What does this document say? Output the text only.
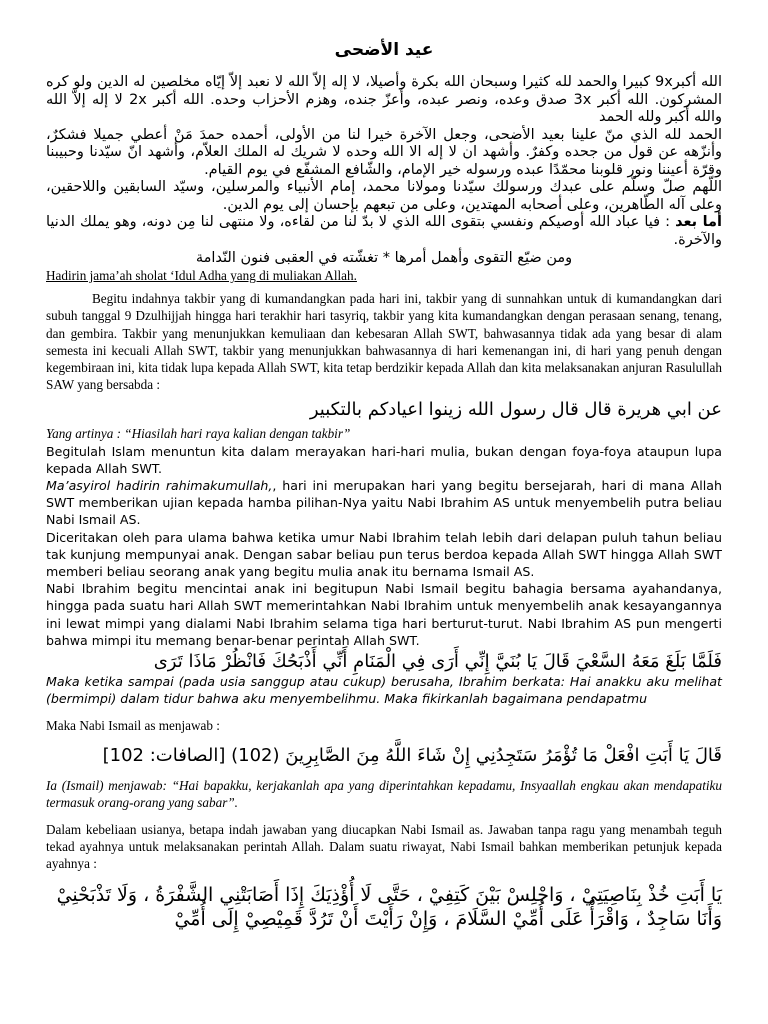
عيد الأضحى

الله أكبر9x كبيرا والحمد لله كثيرا وسبحان الله بكرة وأصيلا، لا إله إلاّ الله لا نعبد إلاّ إيّاه مخلصين له الدين ولو كره المشركون. الله أكبر 3x صدق وعده، ونصر عبده، وأعزّ جنده، وهزم الأحزاب وحده. الله أكبر 2x لا إله إلاّ الله والله أكبر ولله الحمد

الحمد لله الذي منّ علينا بعيد الأضحى، وجعل الآخرة خيرا لنا من الأولى، أحمده حمدَ مَنْ أعطي جميلا فشكرٌ، وأنزّهه عن قول من جحده وكفرٌ. وأشهد ان لا إله الا الله وحده لا شريك له الملك العلاّم، وأشهد انّ سيّدنا وحبيبنا وقرّة أعيننا ونور قلوبنا محمّدًا عبده ورسوله خير الإمام، والشّافع المشفّع في يوم القيام.

اللّهم صلّ وسلّم على عبدك ورسولك سيّدنا ومولانا محمد، إمام الأنبياء والمرسلين، وسيّد السابقين واللاحقين، وعلى آله الطّاهرين، وعلى أصحابه المهتدين، وعلى من تبعهم بإحسان إلى يوم الدين.

أما بعد : فيا عباد الله أوصيكم ونفسي بتقوى الله الذي لا بدّ لنا من لقاءه، ولا منتهى لنا مِن دونه، وهو يملك الدنيا والآخرة.

ومن ضيّع التقوى وأهمل أمرها * تغشّته في العقبى فنون النّدامة

Hadirin jama’ah sholat ‘Idul Adha yang di muliakan Allah.

Begitu indahnya takbir yang di kumandangkan pada hari ini, takbir yang di sunnahkan untuk di kumandangkan dari subuh tanggal 9 Dzulhijjah hingga hari terakhir hari tasyriq, takbir yang kita kumandangkan dengan perasaan senang, tenang, dan gembira. Takbir yang menunjukkan kemuliaan dan kebesaran Allah SWT, bahwasannya tidak ada yang besar di alam semesta ini kecuali Allah SWT, takbir yang menunjukkan bahwasannya di hari kemenangan ini, di hari yang penuh dengan kegembiraan ini, kita tidak lupa kepada Allah SWT, kita tetap berdzikir kepada Allah dan kita melaksanakan anjuran Rasulullah SAW yang bersabda :

عن ابي هريرة قال قال رسول الله زينوا اعيادكم بالتكبير

Yang artinya : “Hiasilah hari raya kalian dengan takbir”

Begitulah Islam menuntun kita dalam merayakan hari-hari mulia, bukan dengan foya-foya ataupun lupa kepada Allah SWT.

Ma’asyirol hadirin rahimakumullah,, hari ini merupakan hari yang begitu bersejarah, hari di mana Allah SWT memberikan ujian kepada hamba pilihan-Nya yaitu Nabi Ibrahim AS untuk menyembelih putra beliau Nabi Ismail AS.

Diceritakan oleh para ulama bahwa ketika umur Nabi Ibrahim telah lebih dari delapan puluh tahun beliau tak kunjung mempunyai anak. Dengan sabar beliau pun terus berdoa kepada Allah SWT hingga Allah SWT memberi beliau seorang anak yang begitu mulia anak itu bernama Ismail AS.

Nabi Ibrahim begitu mencintai anak ini begitupun Nabi Ismail begitu bahagia bersama ayahandanya, hingga pada suatu hari Allah SWT memerintahkan Nabi Ibrahim untuk menyembelih anak kesayangannya ini lewat mimpi yang dialami Nabi Ibrahim selama tiga hari berturut-turut. Nabi Ibrahim AS pun mengerti bahwa mimpi itu memang benar-benar perintah Allah SWT.

فَلَمَّا بَلَغَ مَعَهُ السَّعْيَ قَالَ يَا بُنَيَّ إِنِّي أَرَى فِي الْمَنَامِ أَنِّي أَذْبَحُكَ فَانْظُرْ مَاذَا تَرَى

Maka ketika sampai (pada usia sanggup atau cukup) berusaha, Ibrahim berkata: Hai anakku aku melihat (bermimpi) dalam tidur bahwa aku menyembelihmu. Maka fikirkanlah bagaimana pendapatmu

Maka Nabi Ismail as menjawab :

قَالَ يَا أَبَتِ افْعَلْ مَا تُؤْمَرُ سَتَجِدُنِي إِنْ شَاءَ اللَّهُ مِنَ الصَّابِرِينَ (102) [الصافات: 102]

Ia (Ismail) menjawab: “Hai bapakku, kerjakanlah apa yang diperintahkan kepadamu, Insyaallah engkau akan mendapatiku termasuk orang-orang yang sabar”.

Dalam kebeliaan usianya, betapa indah jawaban yang diucapkan Nabi Ismail as. Jawaban tanpa ragu yang menambah teguh tekad ayahnya untuk melaksanakan perintah Allah. Dalam suatu riwayat, Nabi Ismail bahkan memberikan petunjuk kepada ayahnya :

يَا أَبَتِ خُذْ بِنَاصِيَتِيْ ، وَاجْلِسْ بَيْنَ كَتِفِيْ ، حَتَّى لَا أُؤْذِيَكَ إِذَا أَصَابَتْنِي الشَّفْرَةُ ، وَلَا تَذْبَحْنِيْ وَأَنَا سَاجِدٌ ، وَاقْرَأْ عَلَى أُمِّيْ السَّلَامَ ، وَإِنْ رَأَيْتَ أَنْ تَرُدَّ قَمِيْصِيْ إِلَى أُمِّيْ
